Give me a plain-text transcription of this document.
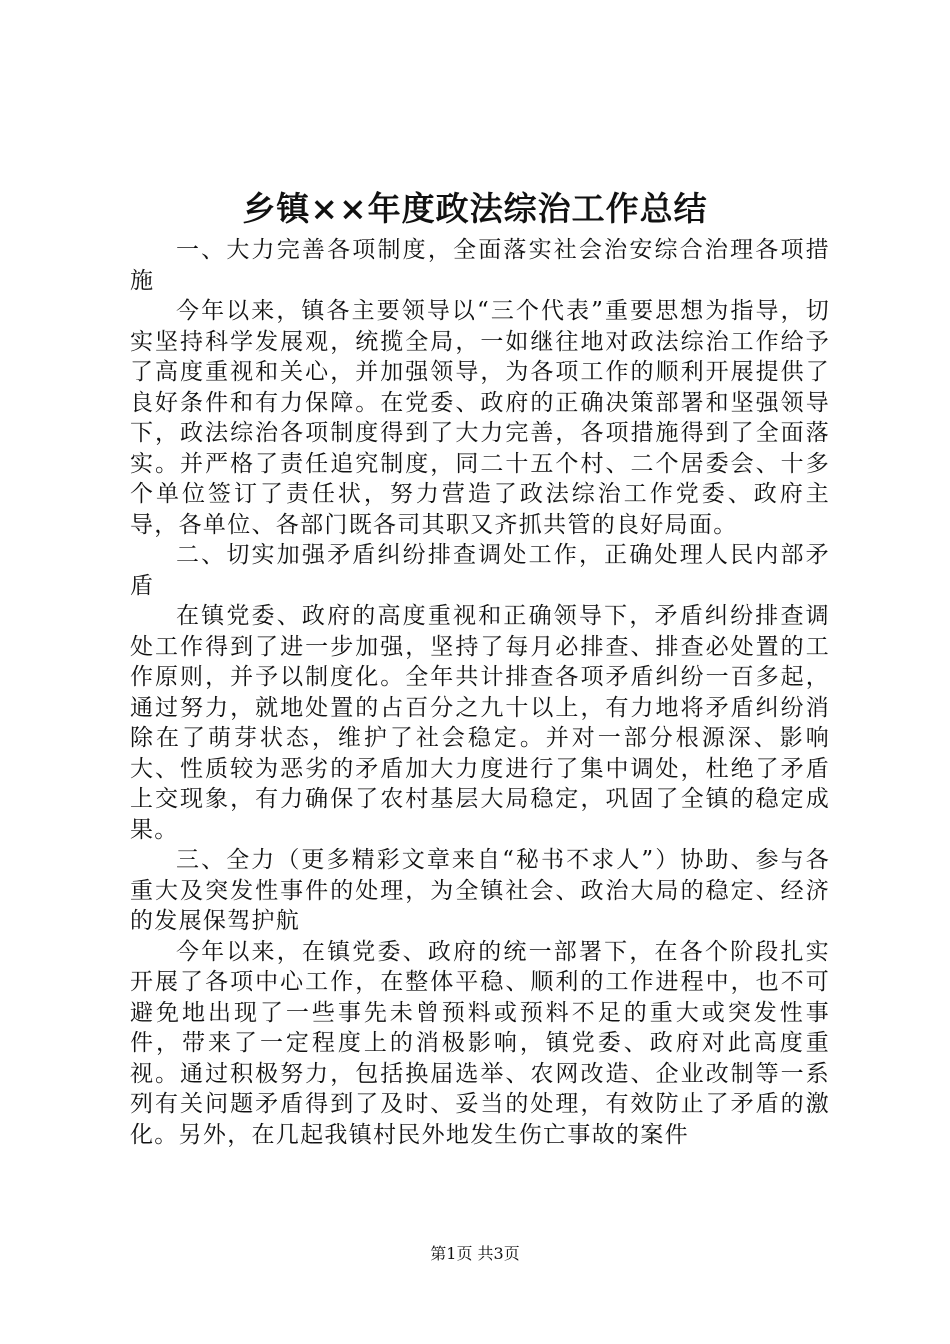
乡镇××年度政法综治工作总结

一、大力完善各项制度，全面落实社会治安综合治理各项措施

今年以来，镇各主要领导以“三个代表”重要思想为指导，切实坚持科学发展观，统揽全局，一如继往地对政法综治工作给予了高度重视和关心，并加强领导，为各项工作的顺利开展提供了良好条件和有力保障。在党委、政府的正确决策部署和坚强领导下，政法综治各项制度得到了大力完善，各项措施得到了全面落实。并严格了责任追究制度，同二十五个村、二个居委会、十多个单位签订了责任状，努力营造了政法综治工作党委、政府主导，各单位、各部门既各司其职又齐抓共管的良好局面。

二、切实加强矛盾纠纷排查调处工作，正确处理人民内部矛盾

在镇党委、政府的高度重视和正确领导下，矛盾纠纷排查调处工作得到了进一步加强，坚持了每月必排查、排查必处置的工作原则，并予以制度化。全年共计排查各项矛盾纠纷一百多起，通过努力，就地处置的占百分之九十以上，有力地将矛盾纠纷消除在了萌芽状态，维护了社会稳定。并对一部分根源深、影响大、性质较为恶劣的矛盾加大力度进行了集中调处，杜绝了矛盾上交现象，有力确保了农村基层大局稳定，巩固了全镇的稳定成果。

三、全力（更多精彩文章来自“秘书不求人”）协助、参与各重大及突发性事件的处理，为全镇社会、政治大局的稳定、经济的发展保驾护航

今年以来，在镇党委、政府的统一部署下，在各个阶段扎实开展了各项中心工作，在整体平稳、顺利的工作进程中，也不可避免地出现了一些事先未曾预料或预料不足的重大或突发性事件，带来了一定程度上的消极影响，镇党委、政府对此高度重视。通过积极努力，包括换届选举、农网改造、企业改制等一系列有关问题矛盾得到了及时、妥当的处理，有效防止了矛盾的激化。另外，在几起我镇村民外地发生伤亡事故的案件

第1页 共3页
